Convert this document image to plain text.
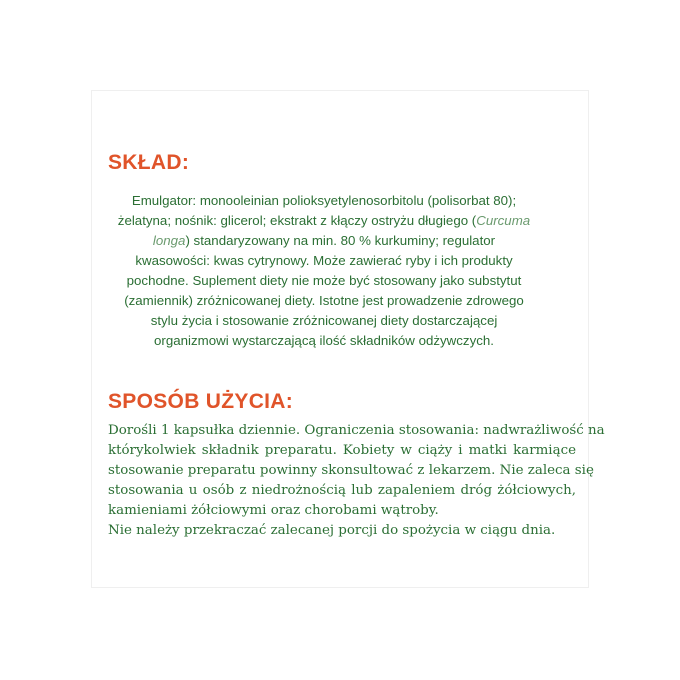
SKŁAD:
Emulgator: monooleinian polioksyetylenosorbitolu (polisorbat 80);
żelatyna; nośnik: glicerol; ekstrakt z kłączy ostryżu długiego (Curcuma
longa) standaryzowany na min. 80 % kurkuminy; regulator
kwasowości: kwas cytrynowy. Może zawierać ryby i ich produkty
pochodne. Suplement diety nie może być stosowany jako substytut
(zamiennik) zróżnicowanej diety. Istotne jest prowadzenie zdrowego
stylu życia i stosowanie zróżnicowanej diety dostarczającej
organizmowi wystarczającą ilość składników odżywczych.
SPOSÓB UŻYCIA:
Dorośli 1 kapsułka dziennie. Ograniczenia stosowania: nadwrażliwość na
którykolwiek składnik preparatu. Kobiety w ciąży i matki karmiące
stosowanie preparatu powinny skonsultować z lekarzem. Nie zaleca się
stosowania u osób z niedrożnością lub zapaleniem dróg żółciowych,
kamieniami żółciowymi oraz chorobami wątroby.
Nie należy przekraczać zalecanej porcji do spożycia w ciągu dnia.
